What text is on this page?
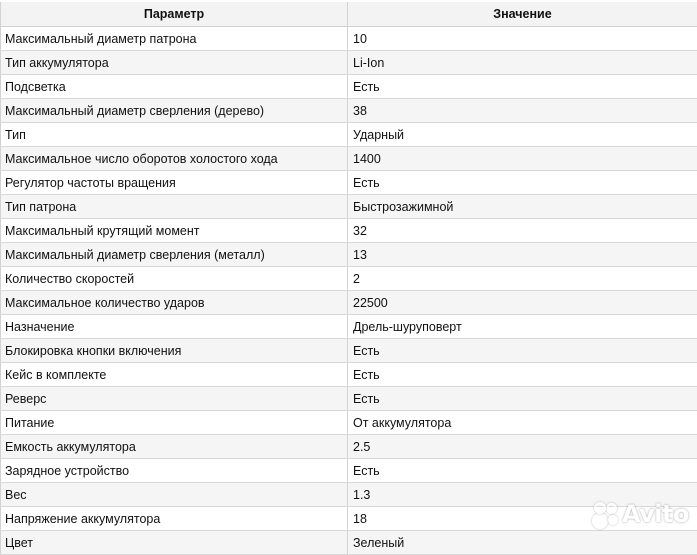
Параметр	Значение
Максимальный диаметр патрона	10
Тип аккумулятора	Li-Ion
Подсветка	Есть
Максимальный диаметр сверления (дерево)	38
Тип	Ударный
Максимальное число оборотов холостого хода	1400
Регулятор частоты вращения	Есть
Тип патрона	Быстрозажимной
Максимальный крутящий момент	32
Максимальный диаметр сверления (металл)	13
Количество скоростей	2
Максимальное количество ударов	22500
Назначение	Дрель-шуруповерт
Блокировка кнопки включения	Есть
Кейс в комплекте	Есть
Реверс	Есть
Питание	От аккумулятора
Емкость аккумулятора	2.5
Зарядное устройство	Есть
Вес	1.3
Напряжение аккумулятора	18
Цвет	Зеленый
Avito
